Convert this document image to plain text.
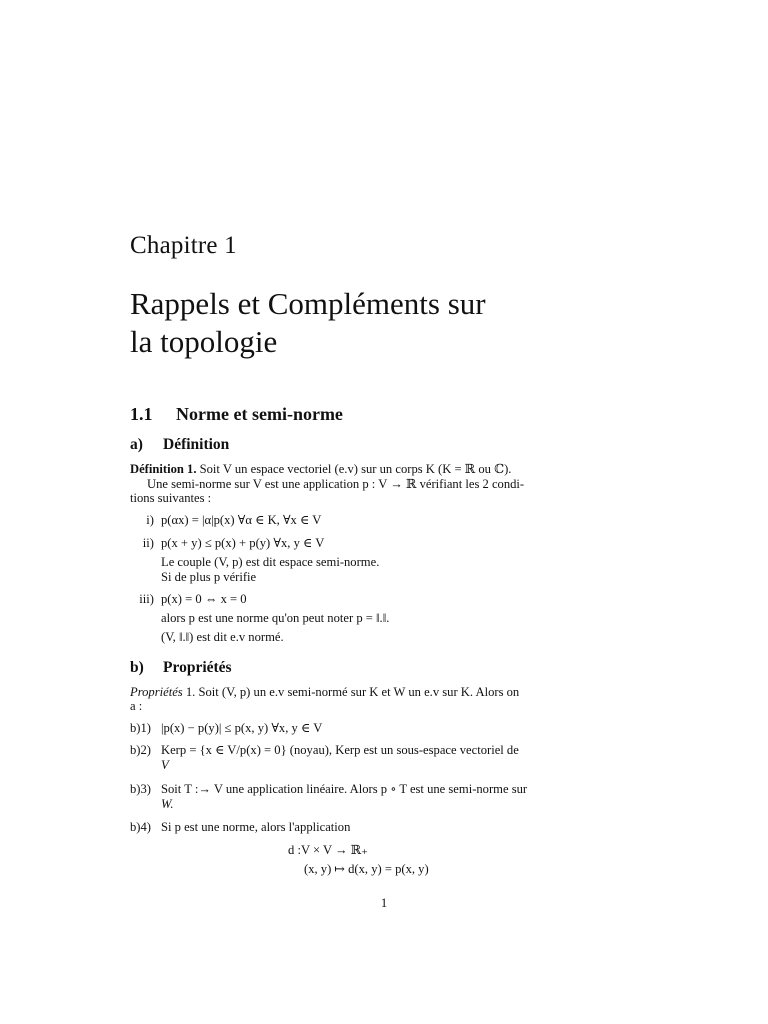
Chapitre 1
Rappels et Compléments sur
la topologie
1.1 Norme et semi-norme
a) Définition
Définition 1. Soit V un espace vectoriel (e.v) sur un corps K (K = ℝ ou ℂ).
Une semi-norme sur V est une application p : V → ℝ vérifiant les 2 condi-
tions suivantes :
i) p(αx) = |α|p(x) ∀α ∈ K, ∀x ∈ V
ii) p(x + y) ≤ p(x) + p(y) ∀x, y ∈ V
Le couple (V, p) est dit espace semi-norme.
Si de plus p vérifie
iii) p(x) = 0 ⇔ x = 0
alors p est une norme qu'on peut noter p = ‖.‖.
(V, ‖.‖) est dit e.v normé.
b) Propriétés
Propriétés 1. Soit (V, p) un e.v semi-normé sur K et W un e.v sur K. Alors on
a :
b)1) |p(x) − p(y)| ≤ p(x, y) ∀x, y ∈ V
b)2) Kerp = {x ∈ V/p(x) = 0} (noyau), Kerp est un sous-espace vectoriel de
V
b)3) Soit T :→ V une application linéaire. Alors p ∘ T est une semi-norme sur
W.
b)4) Si p est une norme, alors l'application
d :V × V → ℝ₊
(x, y) ↦ d(x, y) = p(x, y)
1
